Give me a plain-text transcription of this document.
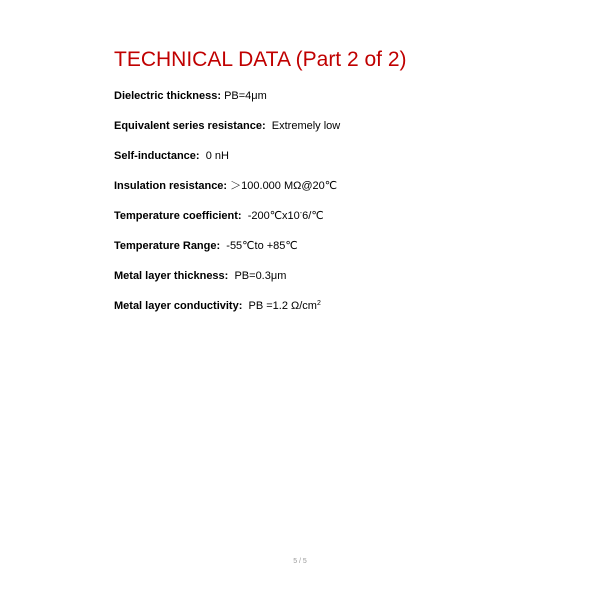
TECHNICAL DATA (Part 2 of 2)
Dielectric thickness: PB=4μm
Equivalent series resistance: Extremely low
Self-inductance: 0 nH
Insulation resistance: ＞100.000 MΩ@20℃
Temperature coefficient: -200℃x10-6/℃
Temperature Range: -55℃to +85℃
Metal layer thickness: PB=0.3μm
Metal layer conductivity: PB =1.2 $\Omega/cm^2$
5 / 5
